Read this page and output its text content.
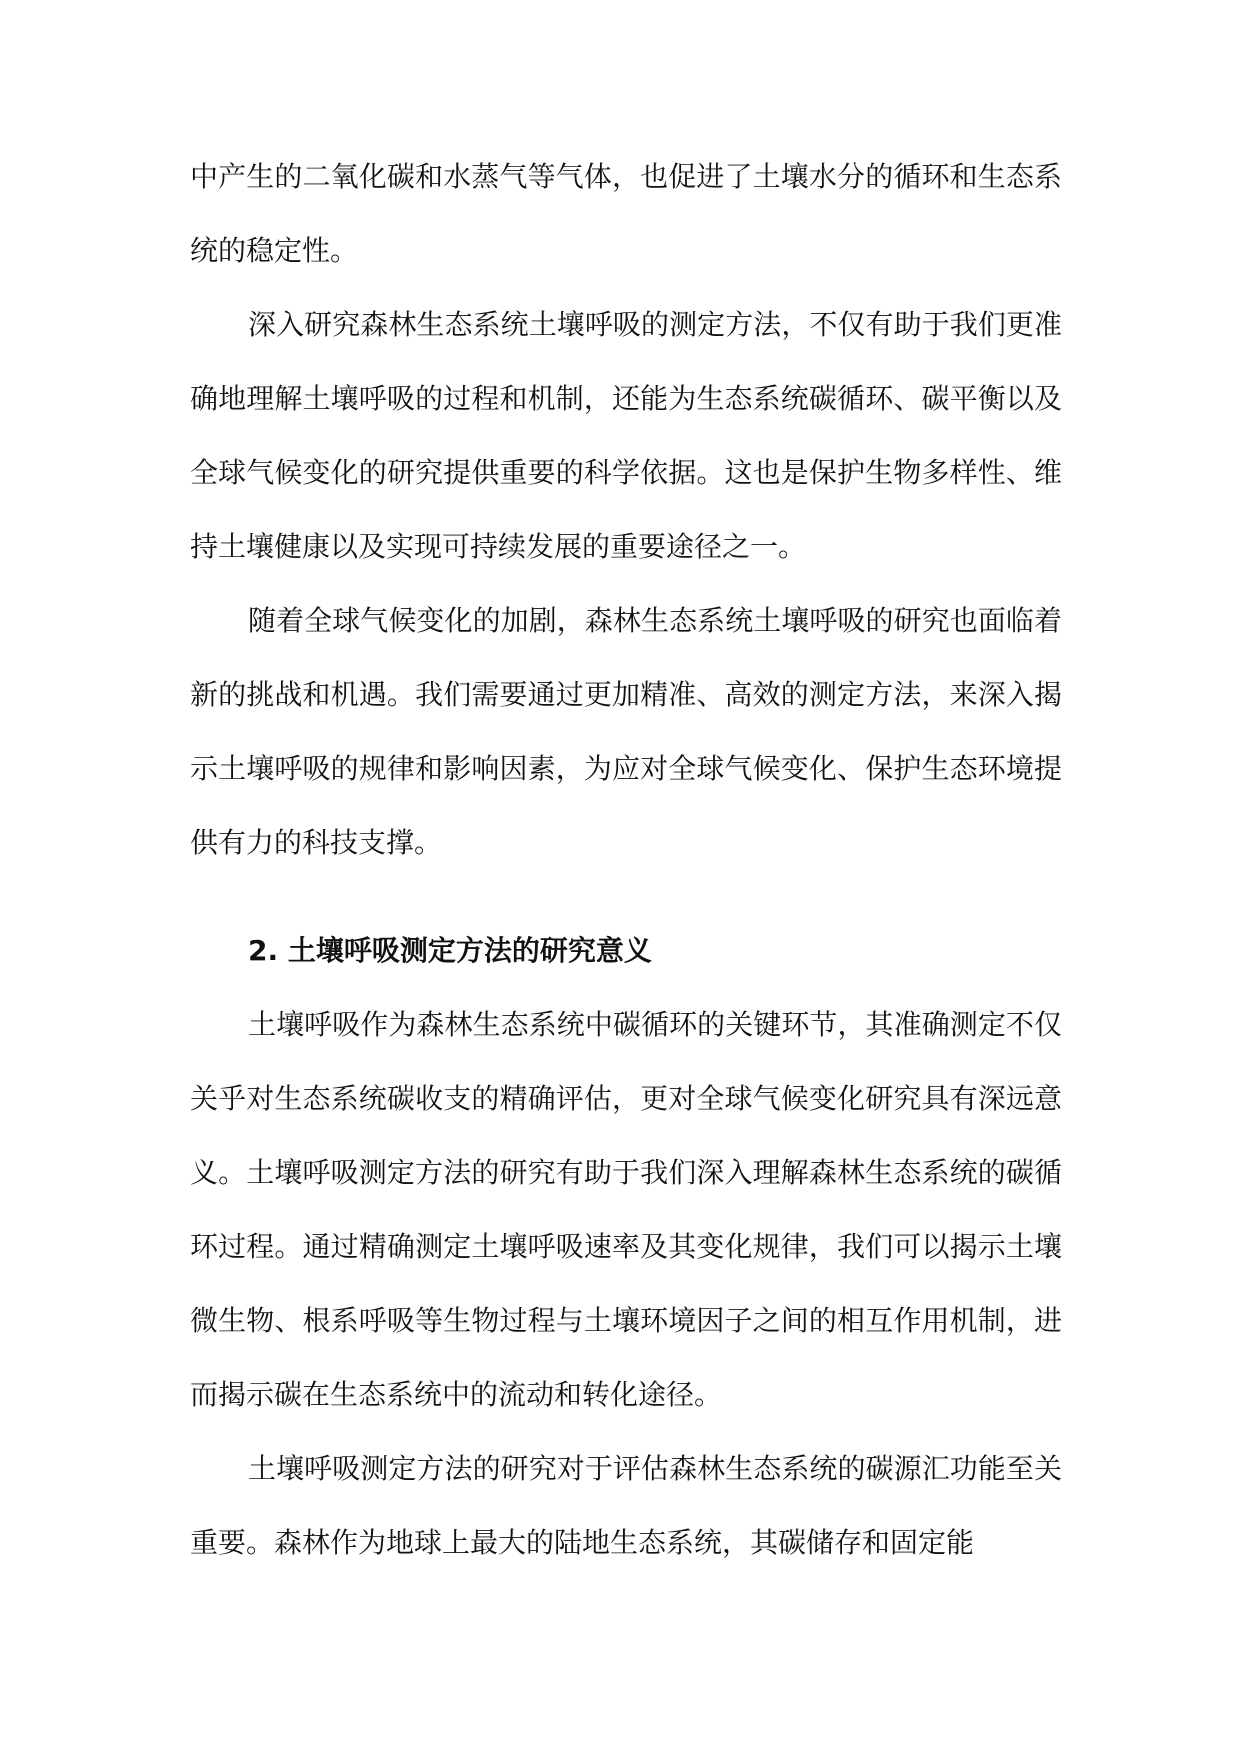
中产生的二氧化碳和水蒸气等气体，也促进了土壤水分的循环和生态系统的稳定性。

深入研究森林生态系统土壤呼吸的测定方法，不仅有助于我们更准确地理解土壤呼吸的过程和机制，还能为生态系统碳循环、碳平衡以及全球气候变化的研究提供重要的科学依据。这也是保护生物多样性、维持土壤健康以及实现可持续发展的重要途径之一。

随着全球气候变化的加剧，森林生态系统土壤呼吸的研究也面临着新的挑战和机遇。我们需要通过更加精准、高效的测定方法，来深入揭示土壤呼吸的规律和影响因素，为应对全球气候变化、保护生态环境提供有力的科技支撑。

2. 土壤呼吸测定方法的研究意义

土壤呼吸作为森林生态系统中碳循环的关键环节，其准确测定不仅关乎对生态系统碳收支的精确评估，更对全球气候变化研究具有深远意义。土壤呼吸测定方法的研究有助于我们深入理解森林生态系统的碳循环过程。通过精确测定土壤呼吸速率及其变化规律，我们可以揭示土壤微生物、根系呼吸等生物过程与土壤环境因子之间的相互作用机制，进而揭示碳在生态系统中的流动和转化途径。

土壤呼吸测定方法的研究对于评估森林生态系统的碳源汇功能至关重要。森林作为地球上最大的陆地生态系统，其碳储存和固定能
